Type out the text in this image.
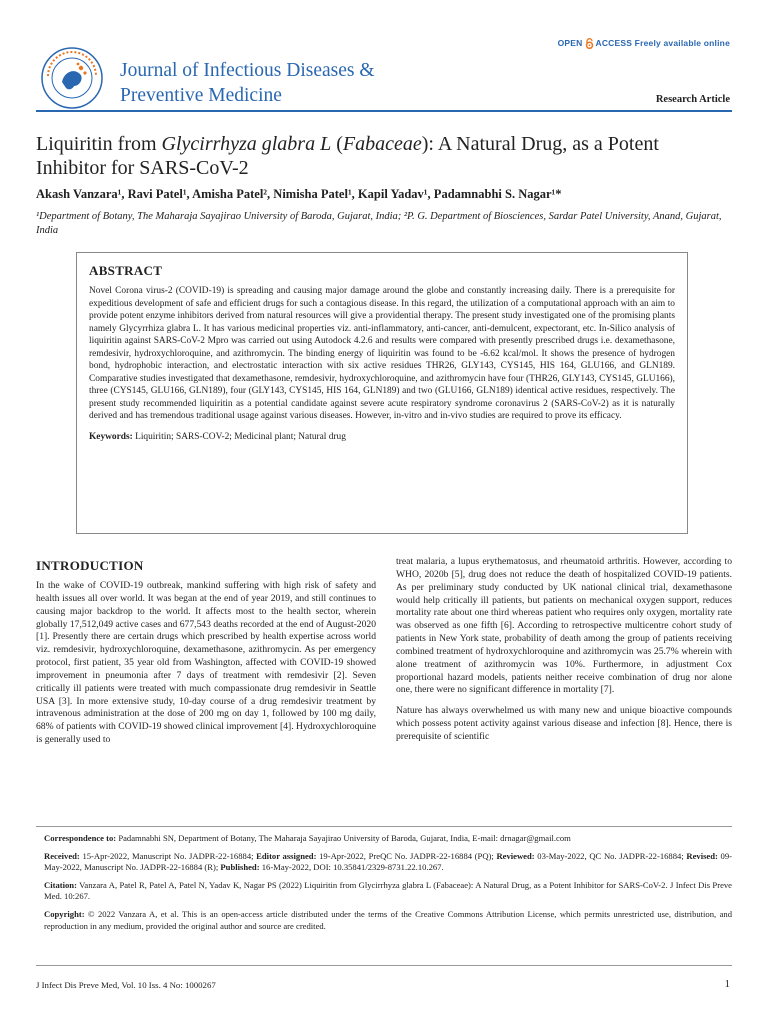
OPEN ACCESS Freely available online
Journal of Infectious Diseases &
Preventive Medicine	Research Article
Liquiritin from Glycirrhyza glabra L (Fabaceae): A Natural Drug, as a Potent Inhibitor for SARS-CoV-2
Akash Vanzara¹, Ravi Patel¹, Amisha Patel², Nimisha Patel¹, Kapil Yadav¹, Padamnabhi S. Nagar¹*
¹Department of Botany, The Maharaja Sayajirao University of Baroda, Gujarat, India; ²P. G. Department of Biosciences, Sardar Patel University, Anand, Gujarat, India
ABSTRACT

Novel Corona virus-2 (COVID-19) is spreading and causing major damage around the globe and constantly increasing daily. There is a prerequisite for expeditious development of safe and efficient drugs for such a contagious disease. In this regard, the utilization of a computational approach with an aim to provide potent enzyme inhibitors derived from natural resources will give a providential therapy. The present study investigated one of the promising plants namely Glycyrrhiza glabra L. It has various medicinal properties viz. anti-inflammatory, anti-cancer, anti-demulcent, expectorant, etc. In-Silico analysis of liquiritin against SARS-CoV-2 Mpro was carried out using Autodock 4.2.6 and results were compared with presently prescribed drugs i.e. dexamethasone, remdesivir, hydroxychloroquine, and azithromycin. The binding energy of liquiritin was found to be -6.62 kcal/mol. It shows the presence of hydrogen bond, hydrophobic interaction, and electrostatic interaction with six active residues THR26, GLY143, CYS145, HIS 164, GLU166, and GLN189. Comparative studies investigated that dexamethasone, remdesivir, hydroxychloroquine, and azithromycin have four (THR26, GLY143, CYS145, GLU166), three (CYS145, GLU166, GLN189), four (GLY143, CYS145, HIS 164, GLN189) and two (GLU166, GLN189) identical active residues, respectively. The present study recommended liquiritin as a potential candidate against severe acute respiratory syndrome coronavirus 2 (SARS-CoV-2) as it is naturally derived and has tremendous traditional usage against various diseases. However, in-vitro and in-vivo studies are required to prove its efficacy.

Keywords: Liquiritin; SARS-COV-2; Medicinal plant; Natural drug
INTRODUCTION

In the wake of COVID-19 outbreak, mankind suffering with high risk of safety and health issues all over world. It was began at the end of year 2019, and still continues to causing major backdrop to the world. It affects most to the health sector, wherein globally 17,512,049 active cases and 677,543 deaths recorded at the end of August-2020 [1]. Presently there are certain drugs which prescribed by health expertise across world viz. remdesivir, hydroxychloroquine, dexamethasone, azithromycin. As per emergency protocol, first patient, 35 year old from Washington, affected with COVID-19 showed improvement in pneumonia after 7 days of treatment with remdesivir [2]. Seven critically ill patients were treated with much compassionate drug remdesivir in Seattle USA [3]. In more extensive study, 10-day course of a drug remdesivir treatment by intravenous administration at the dose of 200 mg on day 1, followed by 100 mg daily, 68% of patients with COVID-19 showed clinical improvement [4]. Hydroxychloroquine is generally used to

treat malaria, a lupus erythematosus, and rheumatoid arthritis. However, according to WHO, 2020b [5], drug does not reduce the death of hospitalized COVID-19 patients. As per preliminary study conducted by UK national clinical trial, dexamethasone would help critically ill patients, but patients on mechanical oxygen support, reduces mortality rate about one third whereas patient who requires only oxygen, mortality rate was observed as one fifth [6]. According to retrospective multicentre cohort study of patients in New York state, probability of death among the group of patients receiving combined treatment of hydroxychloroquine and azithromycin was 25.7% wherein with alone treatment of azithromycin was 10%. Furthermore, in adjustment Cox proportional hazard models, patients neither receive combination of drug nor alone one, there were no significant difference in mortality [7].

Nature has always overwhelmed us with many new and unique bioactive compounds which possess potent activity against various disease and infection [8]. Hence, there is prerequisite of scientific

Correspondence to: Padamnabhi SN, Department of Botany, The Maharaja Sayajirao University of Baroda, Gujarat, India, E-mail: drnagar@gmail.com

Received: 15-Apr-2022, Manuscript No. JADPR-22-16884; Editor assigned: 19-Apr-2022, PreQC No. JADPR-22-16884 (PQ); Reviewed: 03-May-2022, QC No. JADPR-22-16884; Revised: 09-May-2022, Manuscript No. JADPR-22-16884 (R); Published: 16-May-2022, DOI: 10.35841/2329-8731.22.10.267.

Citation: Vanzara A, Patel R, Patel A, Patel N, Yadav K, Nagar PS (2022) Liquiritin from Glycirrhyza glabra L (Fabaceae): A Natural Drug, as a Potent Inhibitor for SARS-CoV-2. J Infect Dis Preve Med. 10:267.

Copyright: © 2022 Vanzara A, et al. This is an open-access article distributed under the terms of the Creative Commons Attribution License, which permits unrestricted use, distribution, and reproduction in any medium, provided the original author and source are credited.

J Infect Dis Preve Med, Vol. 10 Iss. 4 No: 1000267	1
